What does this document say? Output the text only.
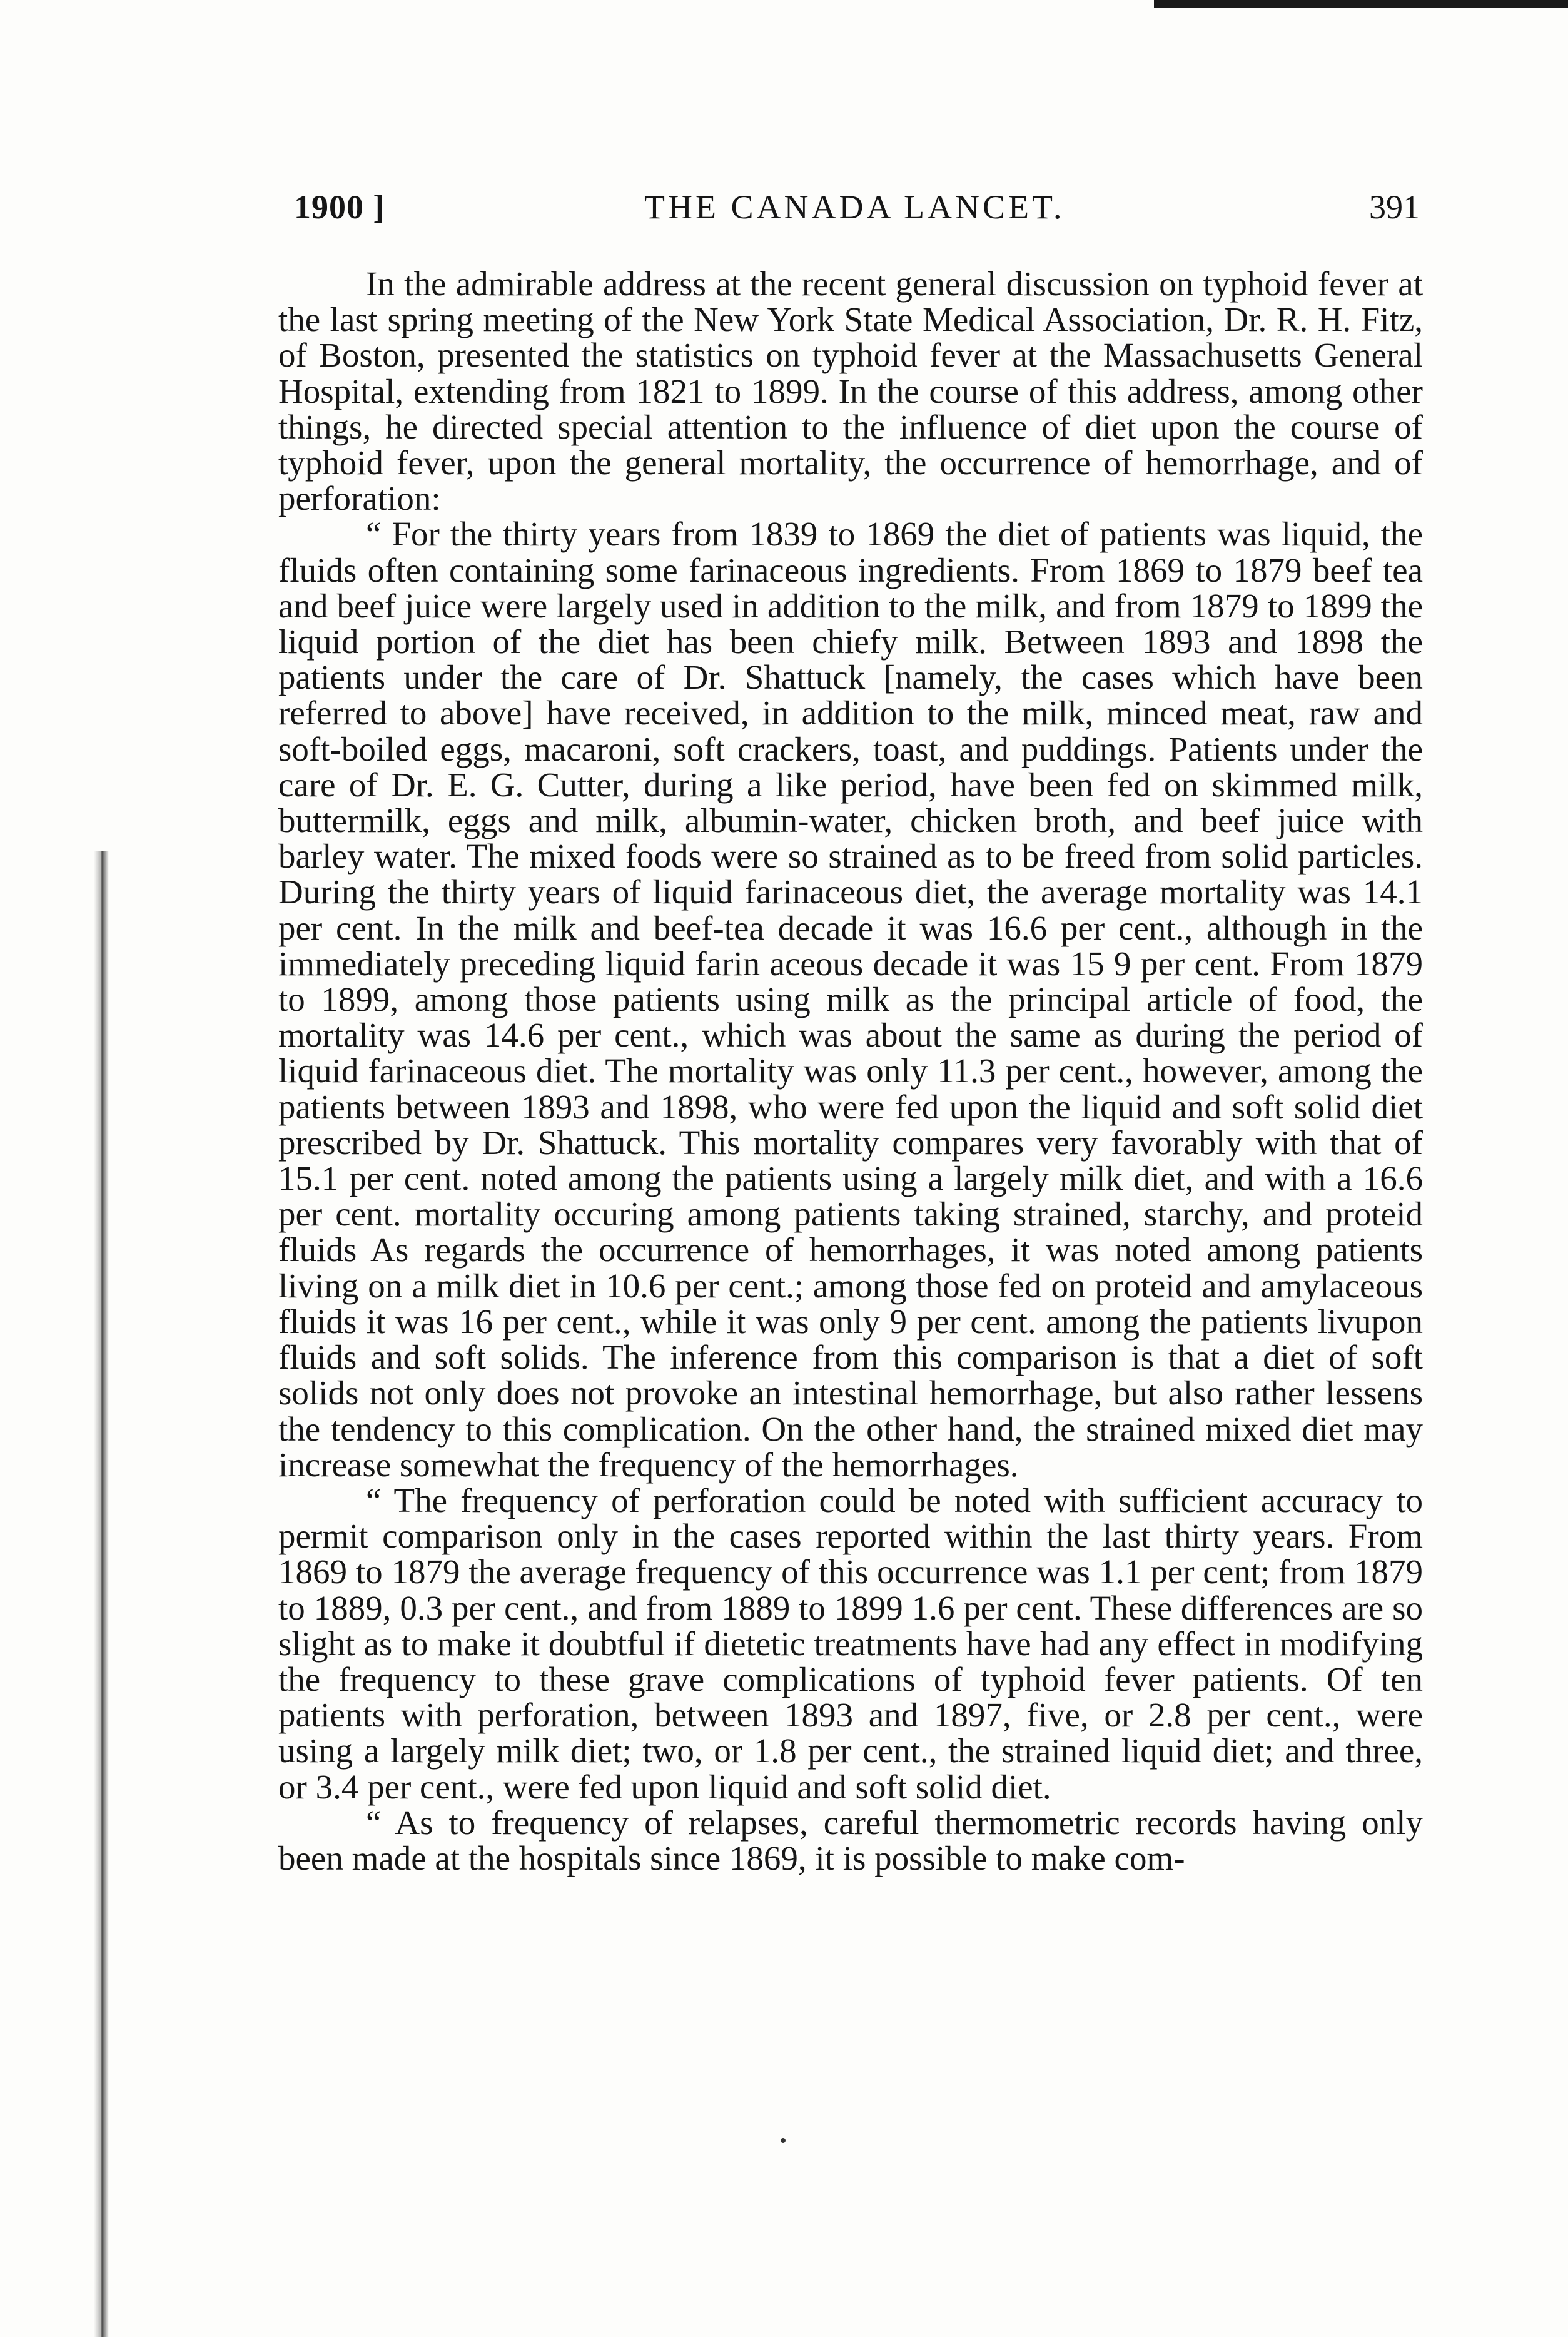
1900 ]	THE CANADA LANCET.	391

In the admirable address at the recent general discussion on typhoid fever at the last spring meeting of the New York State Medical Association, Dr. R. H. Fitz, of Boston, presented the statistics on typhoid fever at the Massachusetts General Hospital, extending from 1821 to 1899. In the course of this address, among other things, he directed special attention to the influence of diet upon the course of typhoid fever, upon the general mortality, the occurrence of hemorrhage, and of perforation:

“ For the thirty years from 1839 to 1869 the diet of patients was liquid, the fluids often containing some farinaceous ingredients. From 1869 to 1879 beef tea and beef juice were largely used in addition to the milk, and from 1879 to 1899 the liquid portion of the diet has been chiefy milk. Between 1893 and 1898 the patients under the care of Dr. Shattuck [namely, the cases which have been referred to above] have received, in addition to the milk, minced meat, raw and soft-boiled eggs, macaroni, soft crackers, toast, and puddings. Patients under the care of Dr. E. G. Cutter, during a like period, have been fed on skimmed milk, buttermilk, eggs and milk, albumin-water, chicken broth, and beef juice with barley water. The mixed foods were so strained as to be freed from solid particles. During the thirty years of liquid farinaceous diet, the average mortality was 14.1 per cent. In the milk and beef-tea decade it was 16.6 per cent., although in the immediately preceding liquid farin aceous decade it was 15 9 per cent. From 1879 to 1899, among those patients using milk as the principal article of food, the mortality was 14.6 per cent., which was about the same as during the period of liquid farinaceous diet. The mortality was only 11.3 per cent., however, among the patients between 1893 and 1898, who were fed upon the liquid and soft solid diet prescribed by Dr. Shattuck. This mortality compares very favorably with that of 15.1 per cent. noted among the patients using a largely milk diet, and with a 16.6 per cent. mortality occuring among patients taking strained, starchy, and proteid fluids As regards the occurrence of hemorrhages, it was noted among patients living on a milk diet in 10.6 per cent.; among those fed on proteid and amylaceous fluids it was 16 per cent., while it was only 9 per cent. among the patients livupon fluids and soft solids. The inference from this comparison is that a diet of soft solids not only does not provoke an intestinal hemorrhage, but also rather lessens the tendency to this complication. On the other hand, the strained mixed diet may increase somewhat the frequency of the hemorrhages.

“ The frequency of perforation could be noted with sufficient accuracy to permit comparison only in the cases reported within the last thirty years. From 1869 to 1879 the average frequency of this occurrence was 1.1 per cent; from 1879 to 1889, 0.3 per cent., and from 1889 to 1899 1.6 per cent. These differences are so slight as to make it doubtful if dietetic treatments have had any effect in modifying the frequency to these grave complications of typhoid fever patients. Of ten patients with perforation, between 1893 and 1897, five, or 2.8 per cent., were using a largely milk diet; two, or 1.8 per cent., the strained liquid diet; and three, or 3.4 per cent., were fed upon liquid and soft solid diet.

“ As to frequency of relapses, careful thermometric records having only been made at the hospitals since 1869, it is possible to make com-
